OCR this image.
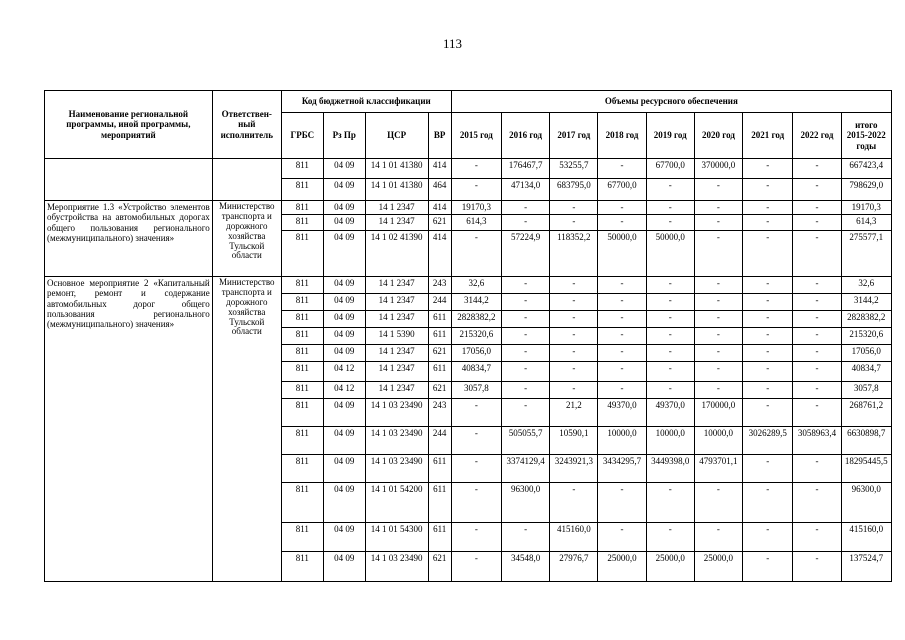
113
Наименование региональной программы, иной программы, мероприятий	Ответствен-ный исполнитель	Код бюджетной классификации				Объемы ресурсного обеспечения								
		ГРБС	Рз Пр	ЦСР	ВР	2015 год	2016 год	2017 год	2018 год	2019 год	2020 год	2021 год	2022 год	итого 2015-2022 годы
		811	04 09	14 1 01 41380	414	-	176467,7	53255,7	-	67700,0	370000,0	-	-	667423,4
		811	04 09	14 1 01 41380	464	-	47134,0	683795,0	67700,0	-	-	-	-	798629,0
Мероприятие 1.3 «Устройство элементов обустройства на автомобильных дорогах общего пользования регионального (межмуниципального) значения»	Министерство транспорта и дорожного хозяйства Тульской области	811	04 09	14 1 2347	414	19170,3	-	-	-	-	-	-	-	19170,3
		811	04 09	14 1 2347	621	614,3	-	-	-	-	-	-	-	614,3
		811	04 09	14 1 02 41390	414	-	57224,9	118352,2	50000,0	50000,0	-	-	-	275577,1
Основное мероприятие 2 «Капитальный ремонт, ремонт и содержание автомобильных дорог общего пользования регионального (межмуниципального) значения»	Министерство транспорта и дорожного хозяйства Тульской области	811	04 09	14 1 2347	243	32,6	-	-	-	-	-	-	-	32,6
		811	04 09	14 1 2347	244	3144,2	-	-	-	-	-	-	-	3144,2
		811	04 09	14 1 2347	611	2828382,2	-	-	-	-	-	-	-	2828382,2
		811	04 09	14 1 5390	611	215320,6	-	-	-	-	-	-	-	215320,6
		811	04 09	14 1 2347	621	17056,0	-	-	-	-	-	-	-	17056,0
		811	04 12	14 1 2347	611	40834,7	-	-	-	-	-	-	-	40834,7
		811	04 12	14 1 2347	621	3057,8	-	-	-	-	-	-	-	3057,8
		811	04 09	14 1 03 23490	243	-	-	21,2	49370,0	49370,0	170000,0	-	-	268761,2
		811	04 09	14 1 03 23490	244	-	505055,7	10590,1	10000,0	10000,0	10000,0	3026289,5	3058963,4	6630898,7
		811	04 09	14 1 03 23490	611	-	3374129,4	3243921,3	3434295,7	3449398,0	4793701,1	-	-	18295445,5
		811	04 09	14 1 01 54200	611	-	96300,0	-	-	-	-	-	-	96300,0
		811	04 09	14 1 01 54300	611	-	-	415160,0	-	-	-	-	-	415160,0
		811	04 09	14 1 03 23490	621	-	34548,0	27976,7	25000,0	25000,0	25000,0	-	-	137524,7
